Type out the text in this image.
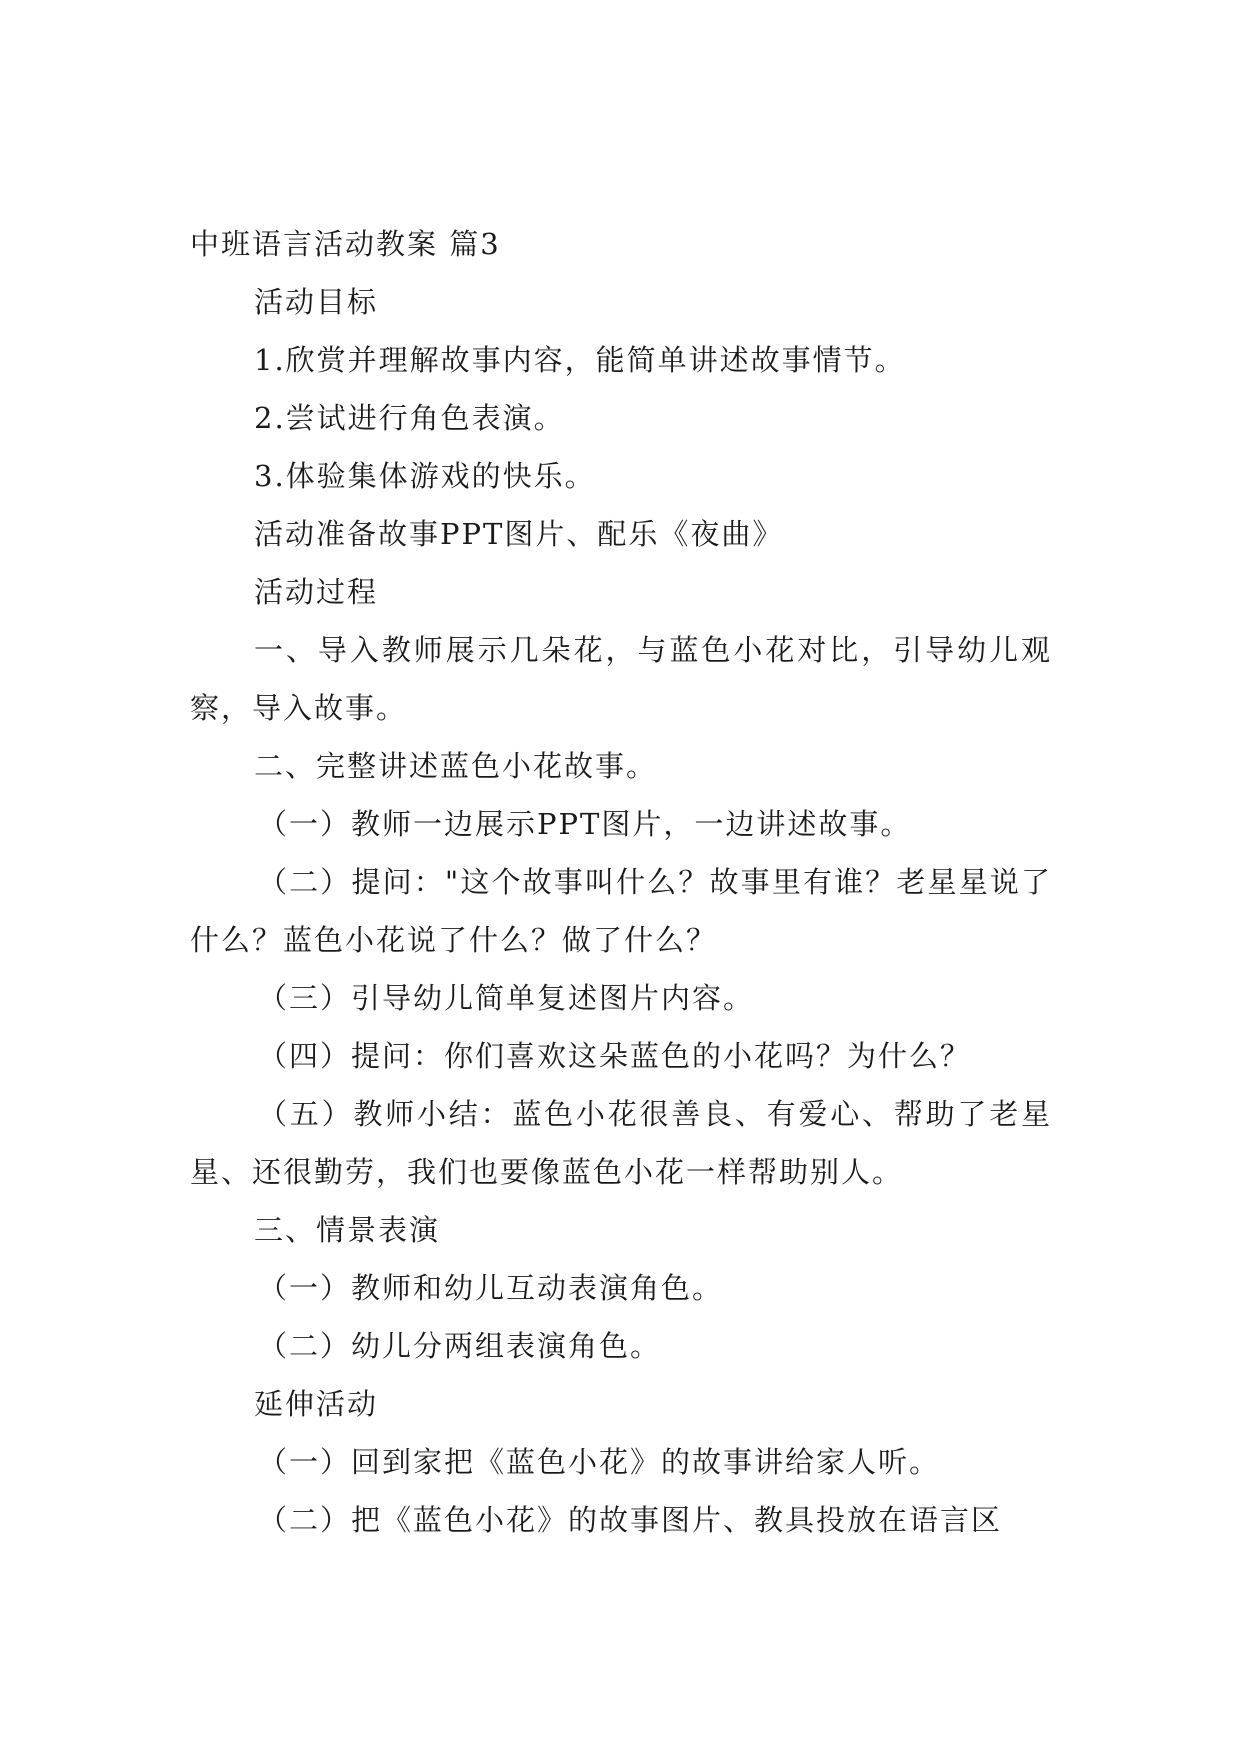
中班语言活动教案 篇3
活动目标
1.欣赏并理解故事内容，能简单讲述故事情节。
2.尝试进行角色表演。
3.体验集体游戏的快乐。
活动准备故事PPT图片、配乐《夜曲》
活动过程
一、导入教师展示几朵花，与蓝色小花对比，引导幼儿观察，导入故事。
二、完整讲述蓝色小花故事。
（一）教师一边展示PPT图片，一边讲述故事。
（二）提问："这个故事叫什么？故事里有谁？老星星说了什么？蓝色小花说了什么？做了什么？
（三）引导幼儿简单复述图片内容。
（四）提问：你们喜欢这朵蓝色的小花吗？为什么？
（五）教师小结：蓝色小花很善良、有爱心、帮助了老星星、还很勤劳，我们也要像蓝色小花一样帮助别人。
三、情景表演
（一）教师和幼儿互动表演角色。
（二）幼儿分两组表演角色。
延伸活动
（一）回到家把《蓝色小花》的故事讲给家人听。
（二）把《蓝色小花》的故事图片、教具投放在语言区
